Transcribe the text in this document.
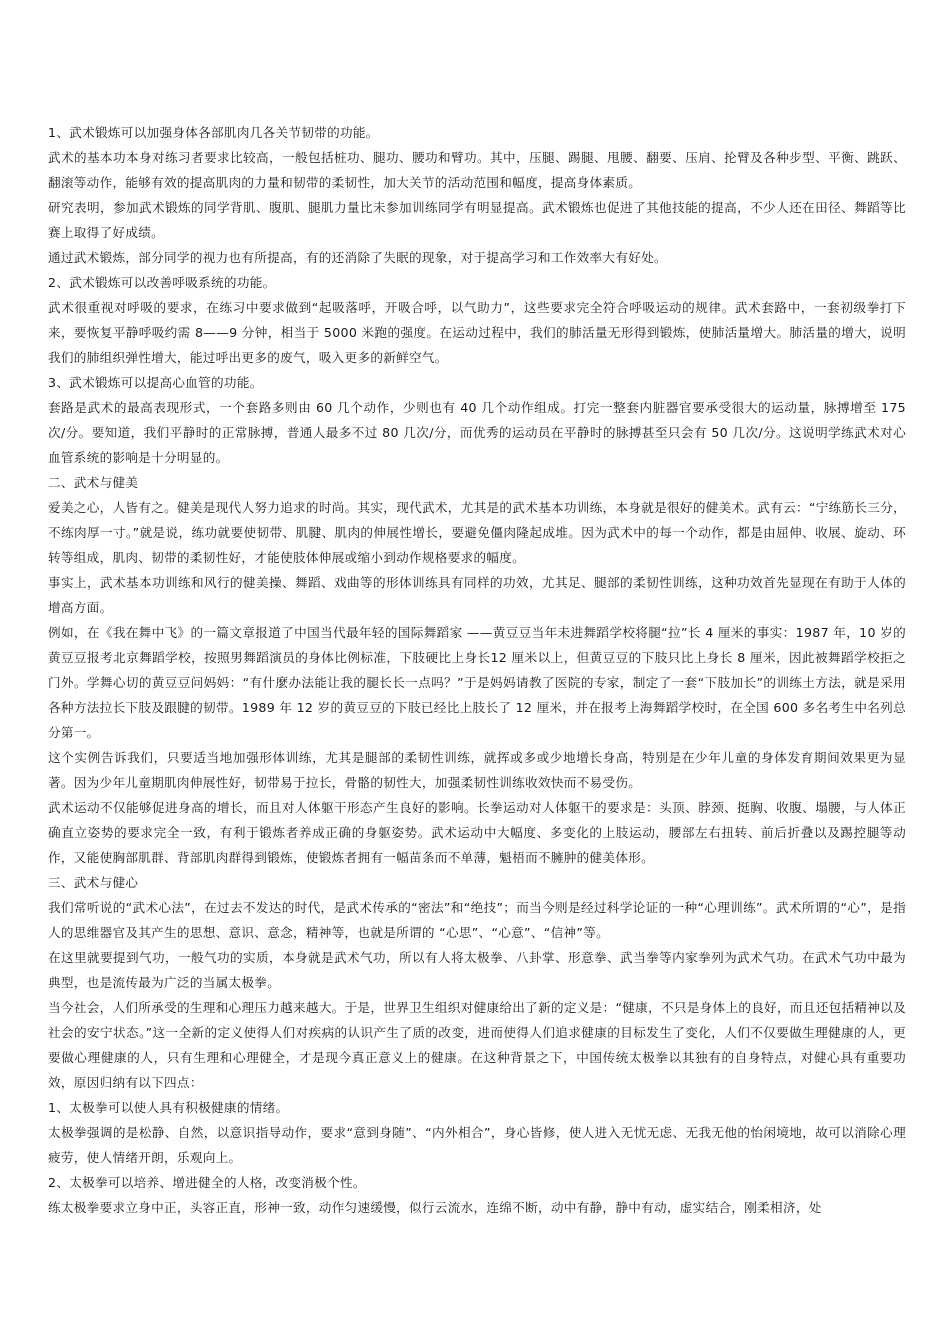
1、武术锻炼可以加强身体各部肌肉几各关节韧带的功能。

武术的基本功本身对练习者要求比较高，一般包括桩功、腿功、腰功和臂功。其中，压腿、踢腿、甩腰、翻要、压肩、抡臂及各种步型、平衡、跳跃、翻滚等动作，能够有效的提高肌肉的力量和韧带的柔韧性，加大关节的活动范围和幅度，提高身体素质。

研究表明，参加武术锻炼的同学背肌、腹肌、腿肌力量比未参加训练同学有明显提高。武术锻炼也促进了其他技能的提高，不少人还在田径、舞蹈等比赛上取得了好成绩。

通过武术锻炼，部分同学的视力也有所提高，有的还消除了失眠的现象，对于提高学习和工作效率大有好处。

2、武术锻炼可以改善呼吸系统的功能。

武术很重视对呼吸的要求，在练习中要求做到“起吸落呼，开吸合呼，以气助力”，这些要求完全符合呼吸运动的规律。武术套路中，一套初级拳打下来，要恢复平静呼吸约需 8——9 分钟，相当于 5000 米跑的强度。在运动过程中，我们的肺活量无形得到锻炼，使肺活量增大。肺活量的增大，说明我们的肺组织弹性增大，能过呼出更多的废气，吸入更多的新鲜空气。

3、武术锻炼可以提高心血管的功能。

套路是武术的最高表现形式，一个套路多则由 60 几个动作，少则也有 40 几个动作组成。打完一整套内脏器官要承受很大的运动量，脉搏增至 175 次/分。要知道，我们平静时的正常脉搏，普通人最多不过 80 几次/分，而优秀的运动员在平静时的脉搏甚至只会有 50 几次/分。这说明学练武术对心血管系统的影响是十分明显的。

二、武术与健美

爱美之心，人皆有之。健美是现代人努力追求的时尚。其实，现代武术，尤其是的武术基本功训练，本身就是很好的健美术。武有云：“宁练筋长三分，不练肉厚一寸。”就是说，练功就要使韧带、肌腱、肌肉的伸展性增长，要避免僵肉隆起成堆。因为武术中的每一个动作，都是由屈伸、收展、旋动、环转等组成，肌肉、韧带的柔韧性好，才能使肢体伸展或缩小到动作规格要求的幅度。

事实上，武术基本功训练和风行的健美操、舞蹈、戏曲等的形体训练具有同样的功效，尤其足、腿部的柔韧性训练，这种功效首先显现在有助于人体的增高方面。

例如，在《我在舞中飞》的一篇文章报道了中国当代最年轻的国际舞蹈家 ——黄豆豆当年未进舞蹈学校将腿“拉”长 4 厘米的事实：1987 年，10 岁的黄豆豆报考北京舞蹈学校，按照男舞蹈演员的身体比例标准，下肢硬比上身长12 厘米以上，但黄豆豆的下肢只比上身长 8 厘米，因此被舞蹈学校拒之门外。学舞心切的黄豆豆问妈妈：“有什麼办法能让我的腿长长一点吗？”于是妈妈请教了医院的专家，制定了一套“下肢加长”的训练土方法，就是采用各种方法拉长下肢及跟腱的韧带。1989 年 12 岁的黄豆豆的下肢已经比上肢长了 12 厘米，并在报考上海舞蹈学校时，在全国 600 多名考生中名列总分第一。

这个实例告诉我们，只要适当地加强形体训练，尤其是腿部的柔韧性训练，就挥或多或少地增长身高，特别是在少年儿童的身体发育期间效果更为显著。因为少年儿童期肌肉伸展性好，韧带易于拉长，骨骼的韧性大，加强柔韧性训练收效快而不易受伤。

武术运动不仅能够促进身高的增长，而且对人体躯干形态产生良好的影响。长拳运动对人体躯干的要求是：头顶、脖颈、挺胸、收腹、塌腰，与人体正确直立姿势的要求完全一致，有利于锻炼者养成正确的身躯姿势。武术运动中大幅度、多变化的上肢运动，腰部左右扭转、前后折叠以及踢控腿等动作，又能使胸部肌群、背部肌肉群得到锻炼，使锻炼者拥有一幅苗条而不单薄，魁梧而不臃肿的健美体形。

三、武术与健心

我们常听说的“武术心法”，在过去不发达的时代，是武术传承的“密法”和“绝技”；而当今则是经过科学论证的一种“心理训练”。武术所谓的“心”，是指人的思维器官及其产生的思想、意识、意念，精神等，也就是所谓的 “心思”、“心意”、“信神”等。

在这里就要提到气功，一般气功的实质，本身就是武术气功，所以有人将太极拳、八卦掌、形意拳、武当拳等内家拳列为武术气功。在武术气功中最为典型，也是流传最为广泛的当属太极拳。

当今社会，人们所承受的生理和心理压力越来越大。于是，世界卫生组织对健康给出了新的定义是：“健康，不只是身体上的良好，而且还包括精神以及社会的安宁状态。”这一全新的定义使得人们对疾病的认识产生了质的改变，进而使得人们追求健康的目标发生了变化，人们不仅要做生理健康的人，更要做心理健康的人，只有生理和心理健全，才是现今真正意义上的健康。在这种背景之下，中国传统太极拳以其独有的自身特点，对健心具有重要功效，原因归纳有以下四点：

1、太极拳可以使人具有积极健康的情绪。

太极拳强调的是松静、自然，以意识指导动作，要求“意到身随”、“内外相合”，身心皆修，使人进入无忧无虑、无我无他的怡闲境地，故可以消除心理疲劳，使人情绪开朗，乐观向上。

2、太极拳可以培养、增进健全的人格，改变消极个性。

练太极拳要求立身中正，头容正直，形神一致，动作匀速缓慢，似行云流水，连绵不断，动中有静，静中有动，虚实结合，刚柔相济，处
